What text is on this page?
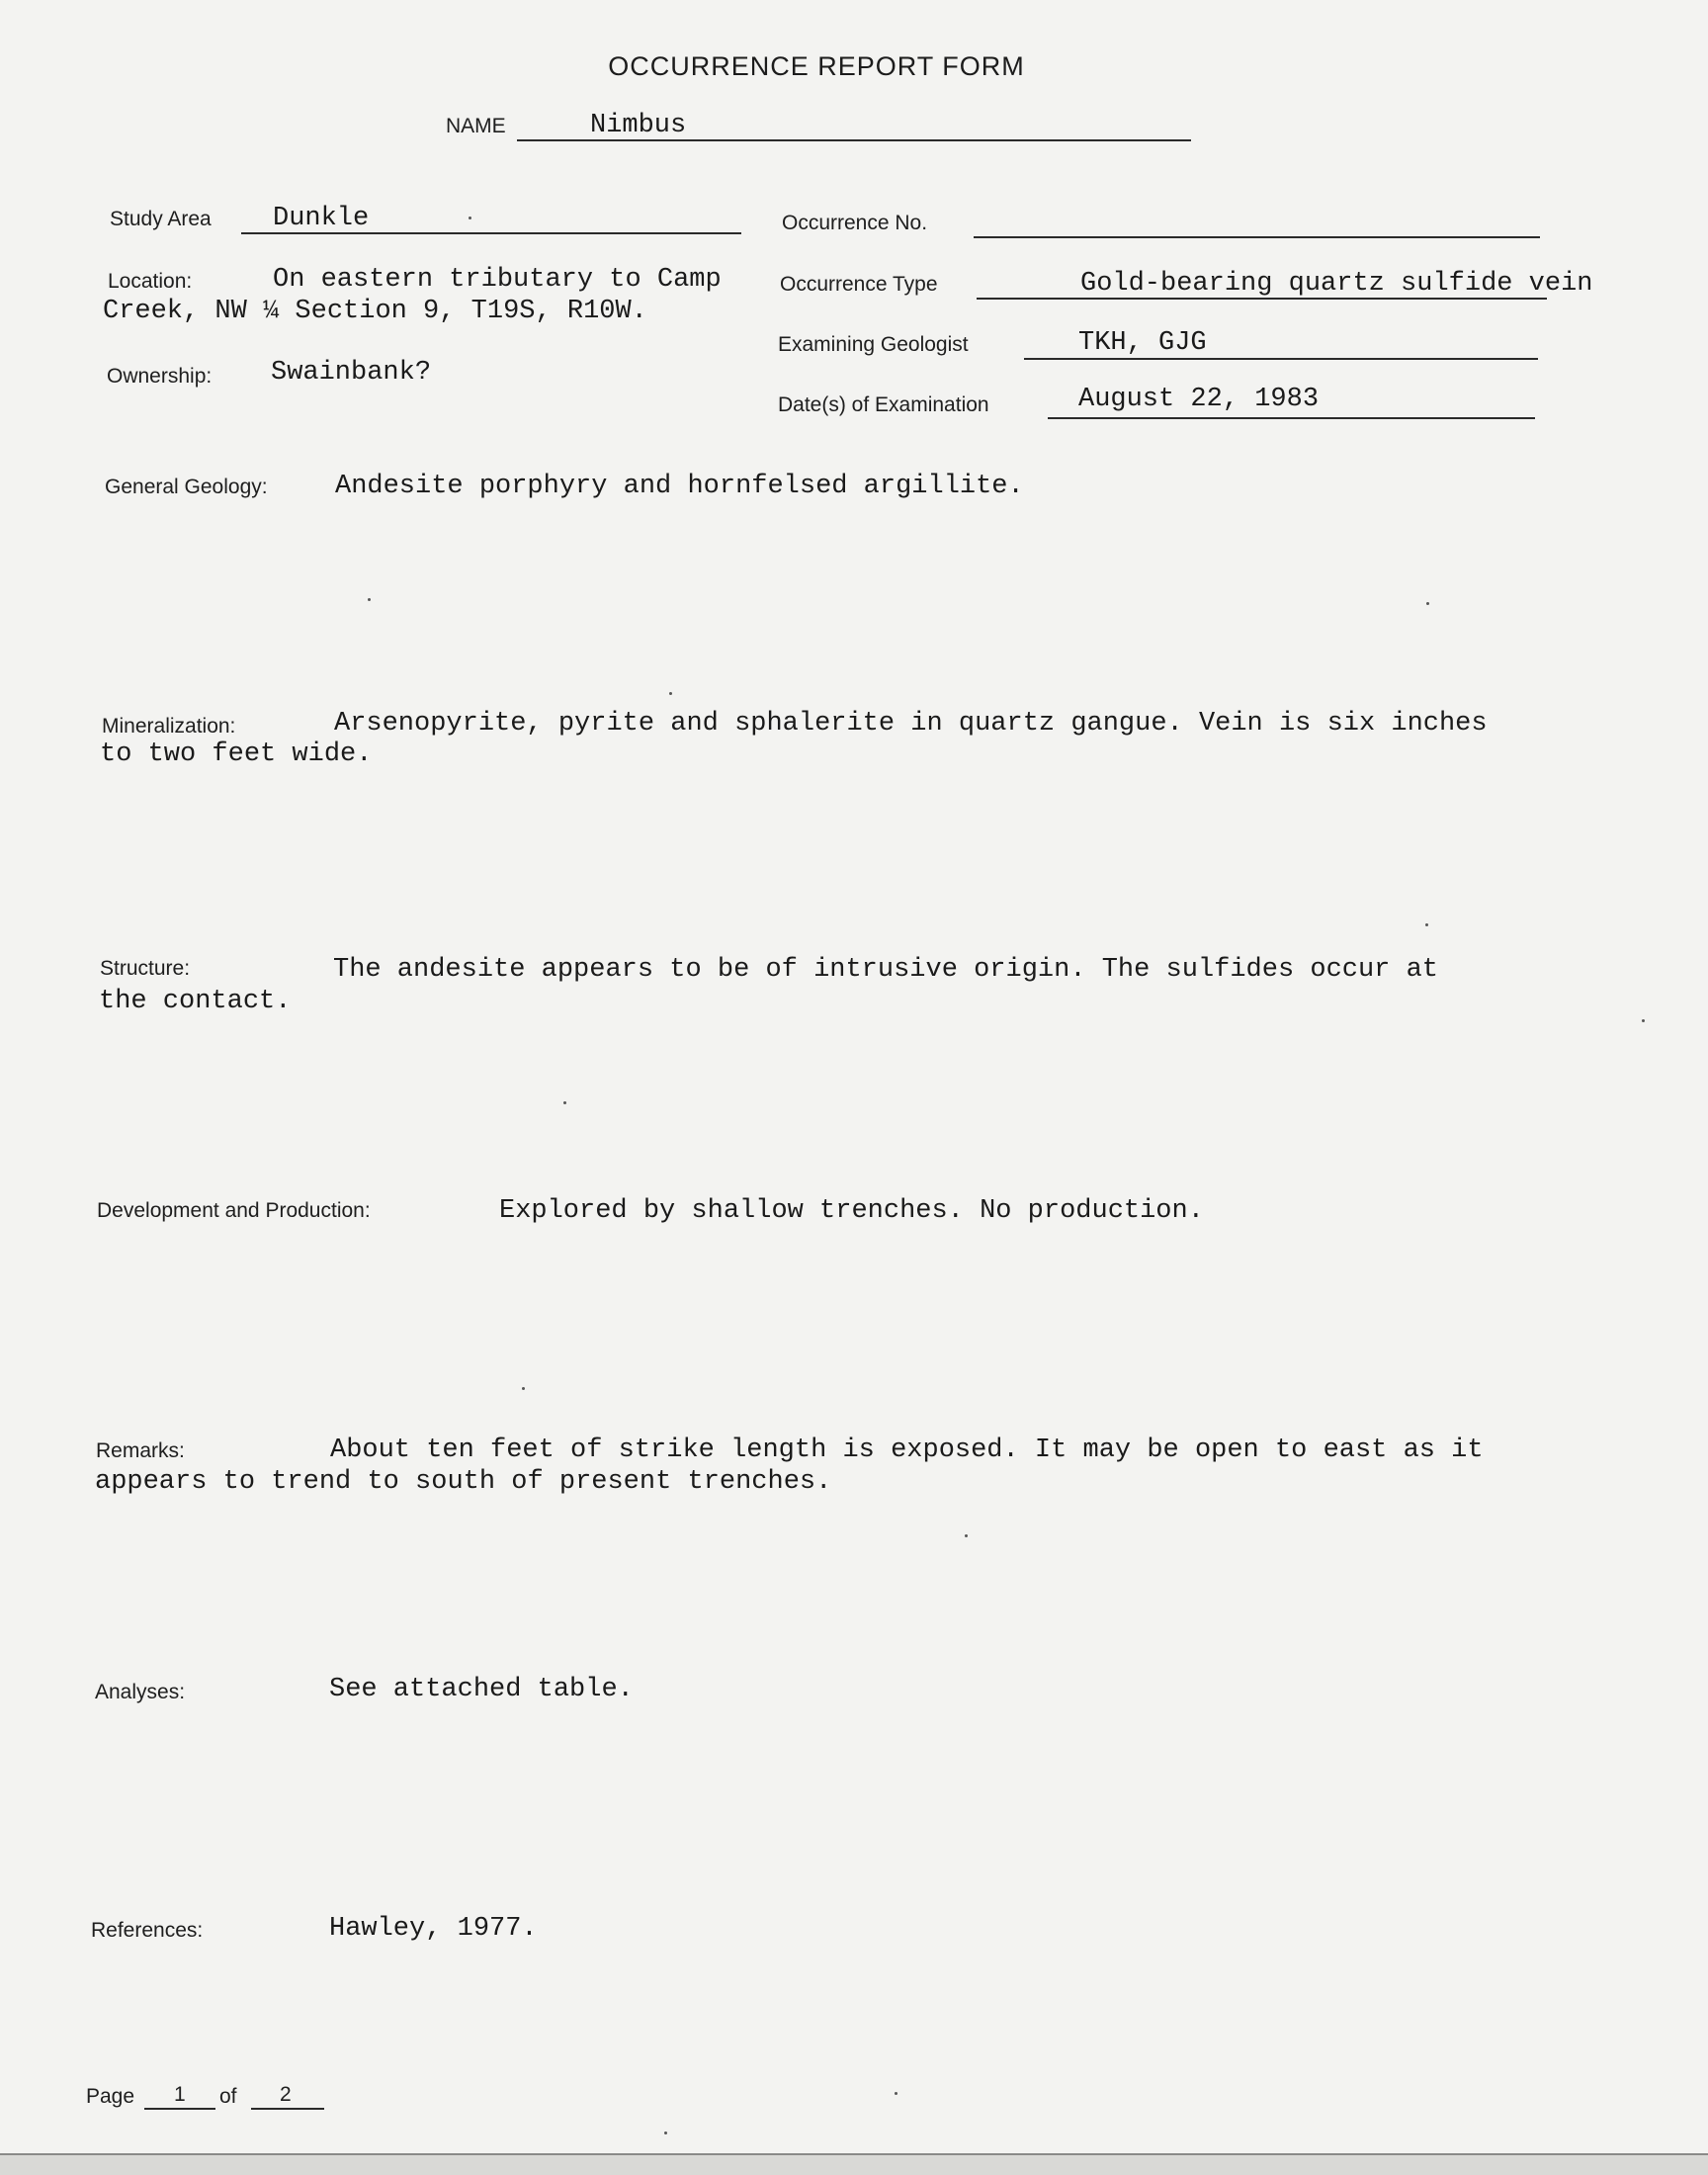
OCCURRENCE REPORT FORM
NAME	Nimbus
Study Area Dunkle	Occurrence No.
Location:	On eastern tributary to Camp
Creek, NW ¼ Section 9, T19S, R10W.
Occurrence Type	Gold-bearing quartz sulfide vein
Examining Geologist	TKH, GJG
Ownership: Swainbank?
Date(s) of Examination	August 22, 1983
General Geology:	Andesite porphyry and hornfelsed argillite.
Mineralization:	Arsenopyrite, pyrite and sphalerite in quartz gangue. Vein is six inches
to two feet wide.
Structure:	The andesite appears to be of intrusive origin. The sulfides occur at
the contact.
Development and Production:	Explored by shallow trenches. No production.
Remarks:	About ten feet of strike length is exposed. It may be open to east as it
appears to trend to south of present trenches.
Analyses:	See attached table.
References:	Hawley, 1977.
Page 1 of 2
